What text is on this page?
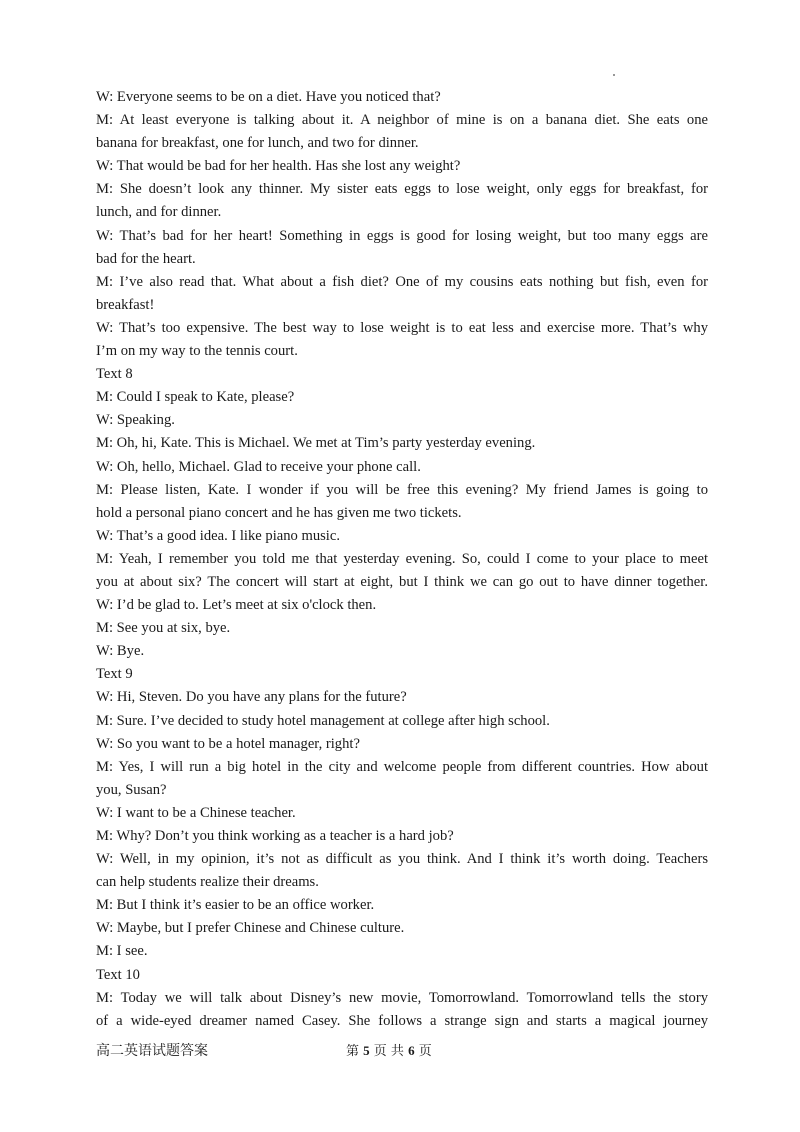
W: Everyone seems to be on a diet. Have you noticed that?
M: At least everyone is talking about it. A neighbor of mine is on a banana diet. She eats one
banana for breakfast, one for lunch, and two for dinner.
W: That would be bad for her health. Has she lost any weight?
M: She doesn’t look any thinner. My sister eats eggs to lose weight, only eggs for breakfast, for
lunch, and for dinner.
W: That’s bad for her heart! Something in eggs is good for losing weight, but too many eggs are
bad for the heart.
M: I’ve also read that. What about a fish diet? One of my cousins eats nothing but fish, even for
breakfast!
W: That’s too expensive. The best way to lose weight is to eat less and exercise more. That’s why
I’m on my way to the tennis court.
Text 8
M: Could I speak to Kate, please?
W: Speaking.
M: Oh, hi, Kate. This is Michael. We met at Tim’s party yesterday evening.
W: Oh, hello, Michael. Glad to receive your phone call.
M: Please listen, Kate. I wonder if you will be free this evening? My friend James is going to
hold a personal piano concert and he has given me two tickets.
W: That’s a good idea. I like piano music.
M: Yeah, I remember you told me that yesterday evening. So, could I come to your place to meet
you at about six? The concert will start at eight, but I think we can go out to have dinner together.
W: I’d be glad to. Let’s meet at six o'clock then.
M: See you at six, bye.
W: Bye.
Text 9
W: Hi, Steven. Do you have any plans for the future?
M: Sure. I’ve decided to study hotel management at college after high school.
W: So you want to be a hotel manager, right?
M: Yes, I will run a big hotel in the city and welcome people from different countries. How about
you, Susan?
W: I want to be a Chinese teacher.
M: Why? Don’t you think working as a teacher is a hard job?
W: Well, in my opinion, it’s not as difficult as you think. And I think it’s worth doing. Teachers
can help students realize their dreams.
M: But I think it’s easier to be an office worker.
W: Maybe, but I prefer Chinese and Chinese culture.
M: I see.
Text 10
M: Today we will talk about Disney’s new movie, Tomorrowland. Tomorrowland tells the story
of a wide-eyed dreamer named Casey. She follows a strange sign and starts a magical journey
高二英语试题答案	第 5 页 共 6 页
